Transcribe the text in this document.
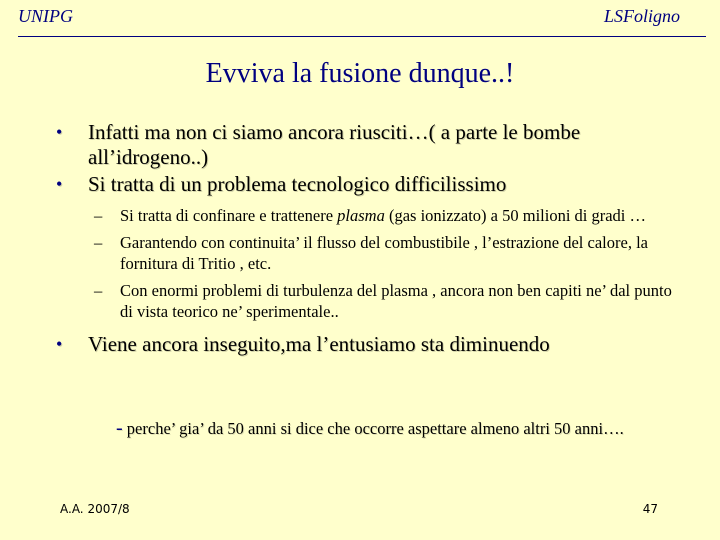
UNIPG	LSFoligno
Evviva la fusione dunque..!
• Infatti ma non ci siamo ancora riusciti…( a parte le bombe all’idrogeno..)
• Si tratta di un problema tecnologico difficilissimo
– Si tratta di confinare e trattenere plasma (gas ionizzato) a 50 milioni di gradi …
– Garantendo con continuita’ il flusso del combustibile , l’estrazione del calore, la fornitura di Tritio , etc.
– Con enormi problemi di turbulenza del plasma , ancora non ben capiti ne’ dal punto di vista teorico ne’ sperimentale..
• Viene ancora inseguito,ma l’entusiamo sta diminuendo
- perche’ gia’ da 50 anni si dice che occorre aspettare almeno altri 50 anni….
A.A. 2007/8	47
